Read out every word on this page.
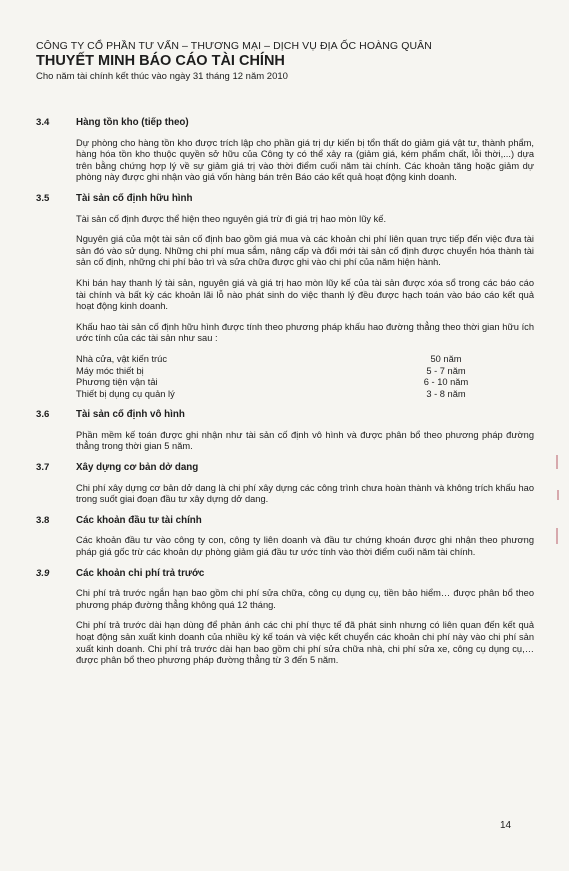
CÔNG TY CỔ PHẦN TƯ VẤN – THƯƠNG MẠI – DỊCH VỤ ĐỊA ỐC HOÀNG QUÂN
THUYẾT MINH BÁO CÁO TÀI CHÍNH
Cho năm tài chính kết thúc vào ngày 31 tháng 12 năm 2010
3.4	Hàng tồn kho (tiếp theo)
Dự phòng cho hàng tồn kho được trích lập cho phần giá trị dự kiến bị tổn thất do giảm giá vật tư, thành phẩm, hàng hóa tồn kho thuộc quyền sở hữu của Công ty có thể xảy ra (giảm giá, kém phẩm chất, lỗi thời,...) dựa trên bằng chứng hợp lý về sự giảm giá trị vào thời điểm cuối năm tài chính. Các khoản tăng hoặc giảm dự phòng này được ghi nhận vào giá vốn hàng bán trên Báo cáo kết quả hoạt động kinh doanh.
3.5	Tài sản cố định hữu hình
Tài sản cố định được thể hiện theo nguyên giá trừ đi giá trị hao mòn lũy kế.
Nguyên giá của một tài sản cố định bao gồm giá mua và các khoản chi phí liên quan trực tiếp đến việc đưa tài sản đó vào sử dụng. Những chi phí mua sắm, nâng cấp và đổi mới tài sản cố định được chuyển hóa thành tài sản cố định, những chi phí bảo trì và sửa chữa được ghi vào chi phí của năm hiện hành.
Khi bán hay thanh lý tài sản, nguyên giá và giá trị hao mòn lũy kế của tài sản được xóa sổ trong các báo cáo tài chính và bất kỳ các khoản lãi lỗ nào phát sinh do việc thanh lý đều được hạch toán vào báo cáo kết quả hoạt động kinh doanh.
Khấu hao tài sản cố định hữu hình được tính theo phương pháp khấu hao đường thẳng theo thời gian hữu ích ước tính của các tài sản như sau :
Nhà cửa, vật kiến trúc	50 năm
Máy móc thiết bị	5 - 7 năm
Phương tiện vận tải	6 - 10 năm
Thiết bị dụng cụ quản lý	3 - 8 năm
3.6	Tài sản cố định vô hình
Phần mềm kế toán được ghi nhận như tài sản cố định vô hình và được phân bổ theo phương pháp đường thẳng trong thời gian 5 năm.
3.7	Xây dựng cơ bản dở dang
Chi phí xây dựng cơ bản dở dang là chi phí xây dựng các công trình chưa hoàn thành và không trích khấu hao trong suốt giai đoạn đầu tư xây dựng dở dang.
3.8	Các khoản đầu tư tài chính
Các khoản đầu tư vào công ty con, công ty liên doanh và đầu tư chứng khoán được ghi nhận theo phương pháp giá gốc trừ các khoản dự phòng giảm giá đầu tư ước tính vào thời điểm cuối năm tài chính.
3.9	Các khoản chi phí trả trước
Chi phí trả trước ngắn hạn bao gồm chi phí sửa chữa, công cụ dụng cụ, tiền bảo hiểm… được phân bổ theo phương pháp đường thẳng không quá 12 tháng.
Chi phí trả trước dài hạn dùng để phản ánh các chi phí thực tế đã phát sinh nhưng có liên quan đến kết quả hoạt động sản xuất kinh doanh của nhiều kỳ kế toán và việc kết chuyển các khoản chi phí này vào chi phí sản xuất kinh doanh. Chi phí trả trước dài hạn bao gồm chi phí sửa chữa nhà, chi phí sửa xe, công cụ dụng cụ,…được phân bổ theo phương pháp đường thẳng từ 3 đến 5 năm.
14
